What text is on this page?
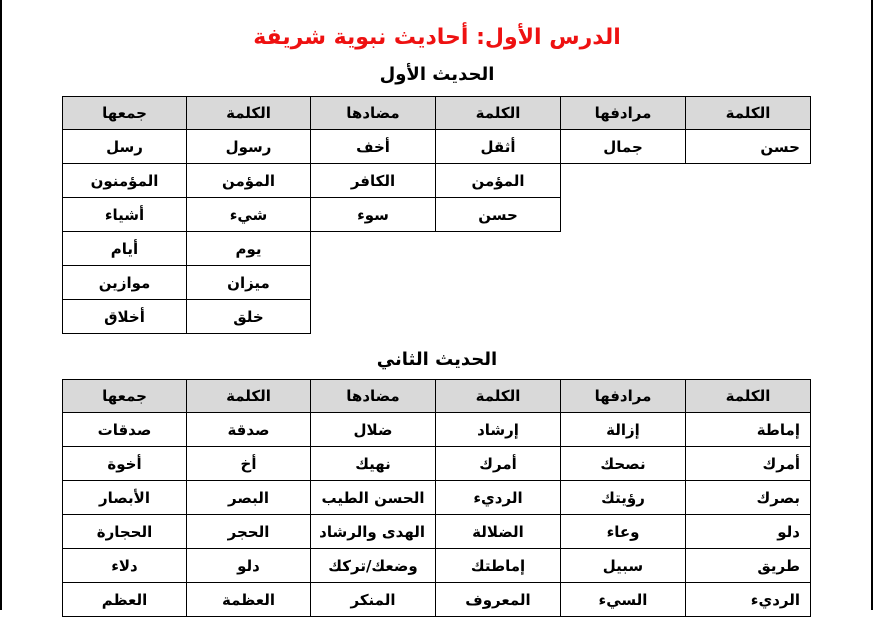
الدرس الأول: أحاديث نبوية شريفة
الحديث الأول
الكلمة	مرادفها	الكلمة	مضادها	الكلمة	جمعها
حسن	جمال	أثقل	أخف	رسول	رسل
		المؤمن	الكافر	المؤمن	المؤمنون
		حسن	سوء	شيء	أشياء
				يوم	أيام
				ميزان	موازين
				خلق	أخلاق
الحديث الثاني
الكلمة	مرادفها	الكلمة	مضادها	الكلمة	جمعها
إماطة	إزالة	إرشاد	ضلال	صدقة	صدقات
أمرك	نصحك	أمرك	نهيك	أخ	أخوة
بصرك	رؤيتك	الرديء	الحسن الطيب	البصر	الأبصار
دلو	وعاء	الضلالة	الهدى والرشاد	الحجر	الحجارة
طريق	سبيل	إماطتك	وضعك/تركك	دلو	دلاء
الرديء	السيء	المعروف	المنكر	العظمة	العظم
